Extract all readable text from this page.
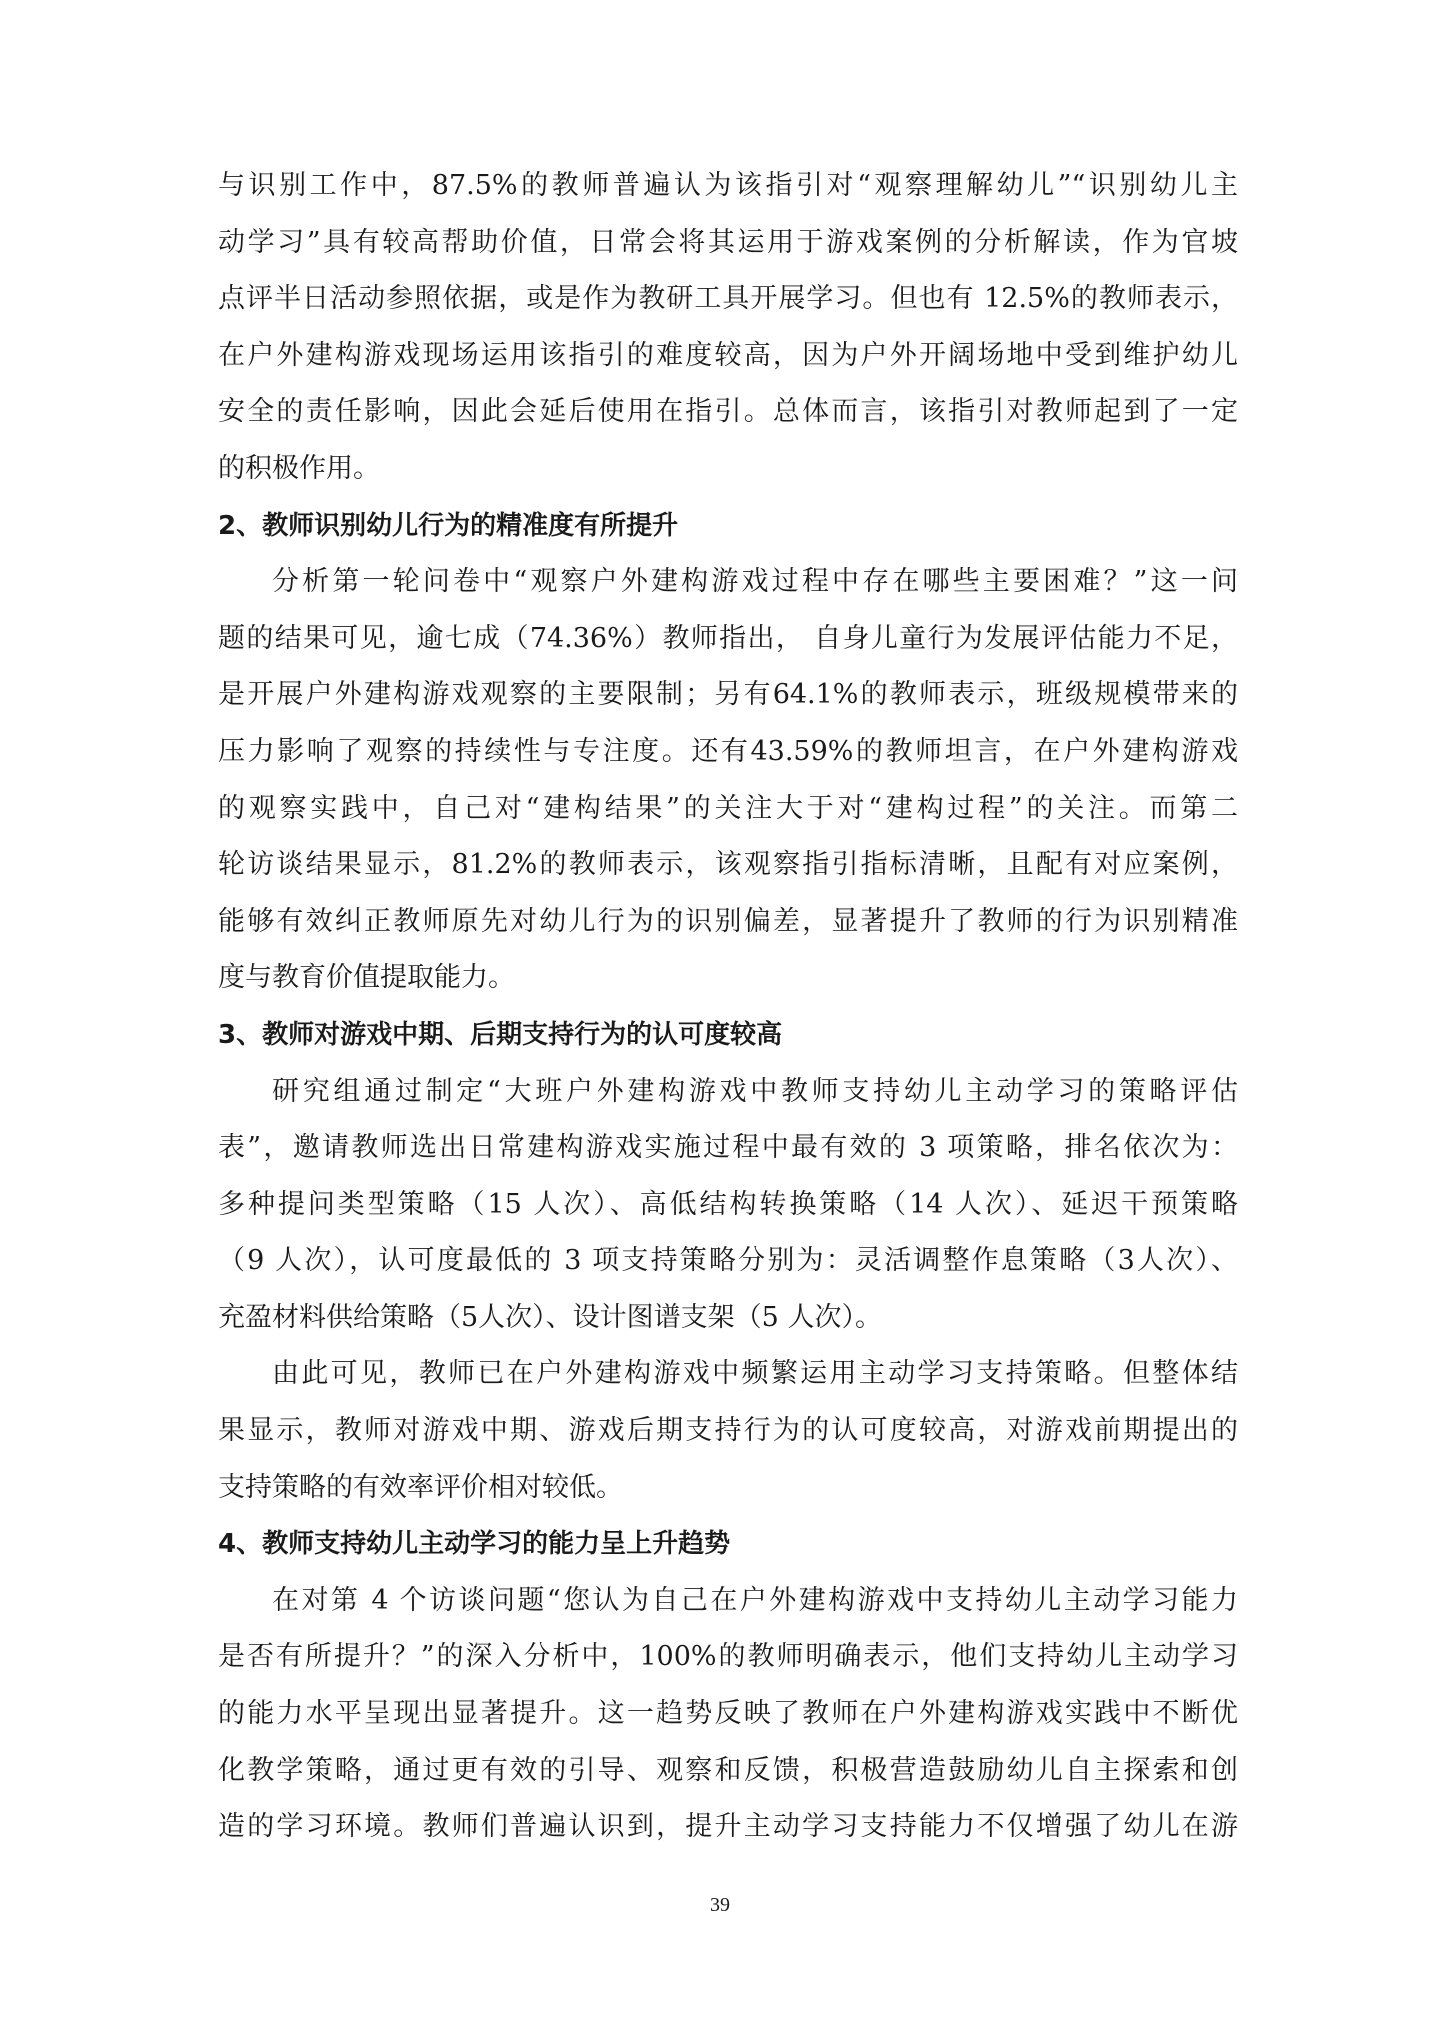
与识别工作中，87.5%的教师普遍认为该指引对“观察理解幼儿”“识别幼儿主
动学习”具有较高帮助价值，日常会将其运用于游戏案例的分析解读，作为官坡
点评半日活动参照依据，或是作为教研工具开展学习。但也有 12.5%的教师表示，
在户外建构游戏现场运用该指引的难度较高，因为户外开阔场地中受到维护幼儿
安全的责任影响，因此会延后使用在指引。总体而言，该指引对教师起到了一定
的积极作用。
2、教师识别幼儿行为的精准度有所提升
分析第一轮问卷中“观察户外建构游戏过程中存在哪些主要困难？”这一问
题的结果可见，逾七成（74.36%）教师指出， 自身儿童行为发展评估能力不足，
是开展户外建构游戏观察的主要限制；另有64.1%的教师表示，班级规模带来的
压力影响了观察的持续性与专注度。还有43.59%的教师坦言，在户外建构游戏
的观察实践中，自己对“建构结果”的关注大于对“建构过程”的关注。而第二
轮访谈结果显示，81.2%的教师表示，该观察指引指标清晰，且配有对应案例，
能够有效纠正教师原先对幼儿行为的识别偏差，显著提升了教师的行为识别精准
度与教育价值提取能力。
3、教师对游戏中期、后期支持行为的认可度较高
研究组通过制定“大班户外建构游戏中教师支持幼儿主动学习的策略评估
表”，邀请教师选出日常建构游戏实施过程中最有效的 3 项策略，排名依次为：
多种提问类型策略（15 人次）、高低结构转换策略（14 人次）、延迟干预策略
（9 人次），认可度最低的 3 项支持策略分别为：灵活调整作息策略（3人次）、
充盈材料供给策略（5人次）、设计图谱支架（5 人次）。
由此可见，教师已在户外建构游戏中频繁运用主动学习支持策略。但整体结
果显示，教师对游戏中期、游戏后期支持行为的认可度较高，对游戏前期提出的
支持策略的有效率评价相对较低。
4、教师支持幼儿主动学习的能力呈上升趋势
在对第 4 个访谈问题“您认为自己在户外建构游戏中支持幼儿主动学习能力
是否有所提升？”的深入分析中，100%的教师明确表示，他们支持幼儿主动学习
的能力水平呈现出显著提升。这一趋势反映了教师在户外建构游戏实践中不断优
化教学策略，通过更有效的引导、观察和反馈，积极营造鼓励幼儿自主探索和创
造的学习环境。教师们普遍认识到，提升主动学习支持能力不仅增强了幼儿在游
39
